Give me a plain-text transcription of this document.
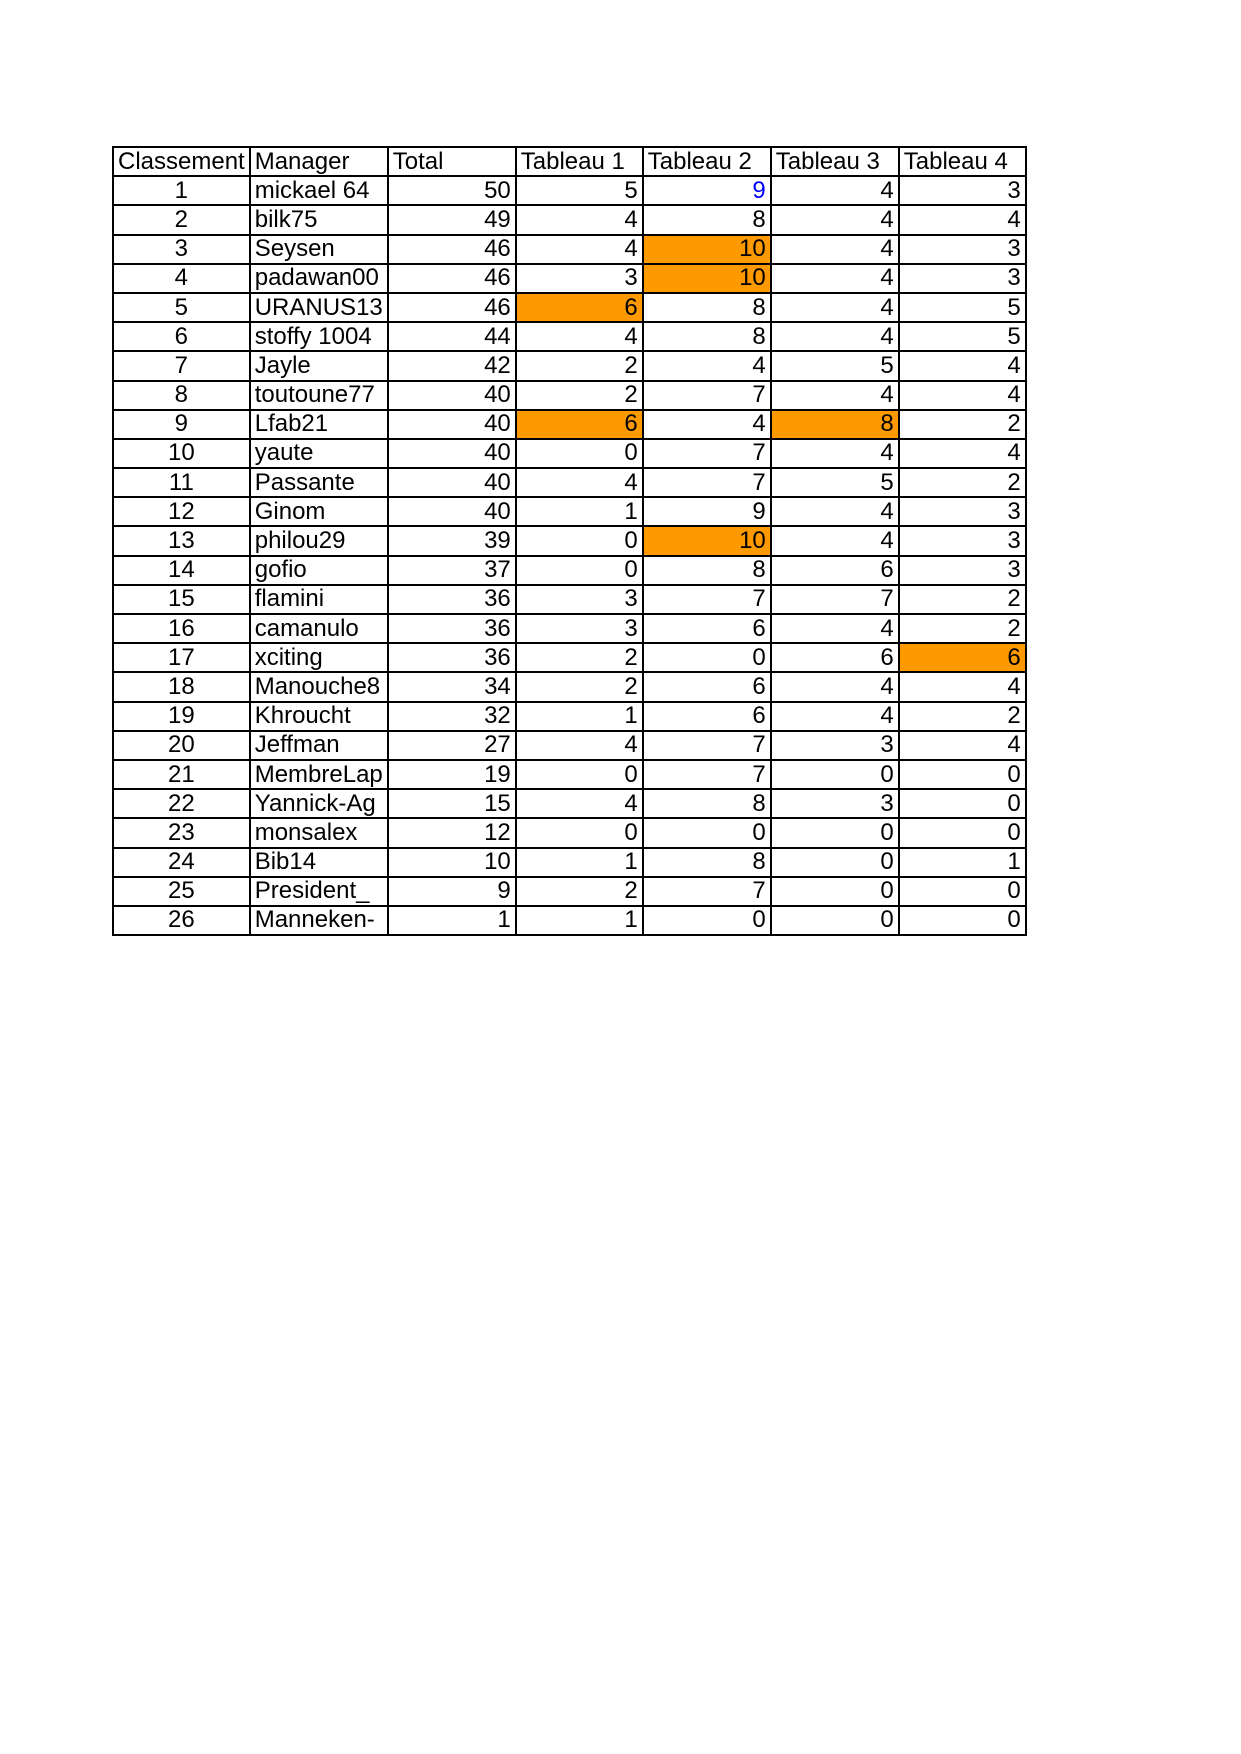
Classement	Manager	Total	Tableau 1	Tableau 2	Tableau 3	Tableau 4
1	mickael 64	50	5	9	4	3
2	bilk75	49	4	8	4	4
3	Seysen	46	4	10	4	3
4	padawan00	46	3	10	4	3
5	URANUS13	46	6	8	4	5
6	stoffy 1004	44	4	8	4	5
7	Jayle	42	2	4	5	4
8	toutoune77	40	2	7	4	4
9	Lfab21	40	6	4	8	2
10	yaute	40	0	7	4	4
11	Passante	40	4	7	5	2
12	Ginom	40	1	9	4	3
13	philou29	39	0	10	4	3
14	gofio	37	0	8	6	3
15	flamini	36	3	7	7	2
16	camanulo	36	3	6	4	2
17	xciting	36	2	0	6	6
18	Manouche8	34	2	6	4	4
19	Khroucht	32	1	6	4	2
20	Jeffman	27	4	7	3	4
21	MembreLap	19	0	7	0	0
22	Yannick-Ag	15	4	8	3	0
23	monsalex	12	0	0	0	0
24	Bib14	10	1	8	0	1
25	President_	9	2	7	0	0
26	Manneken-	1	1	0	0	0
